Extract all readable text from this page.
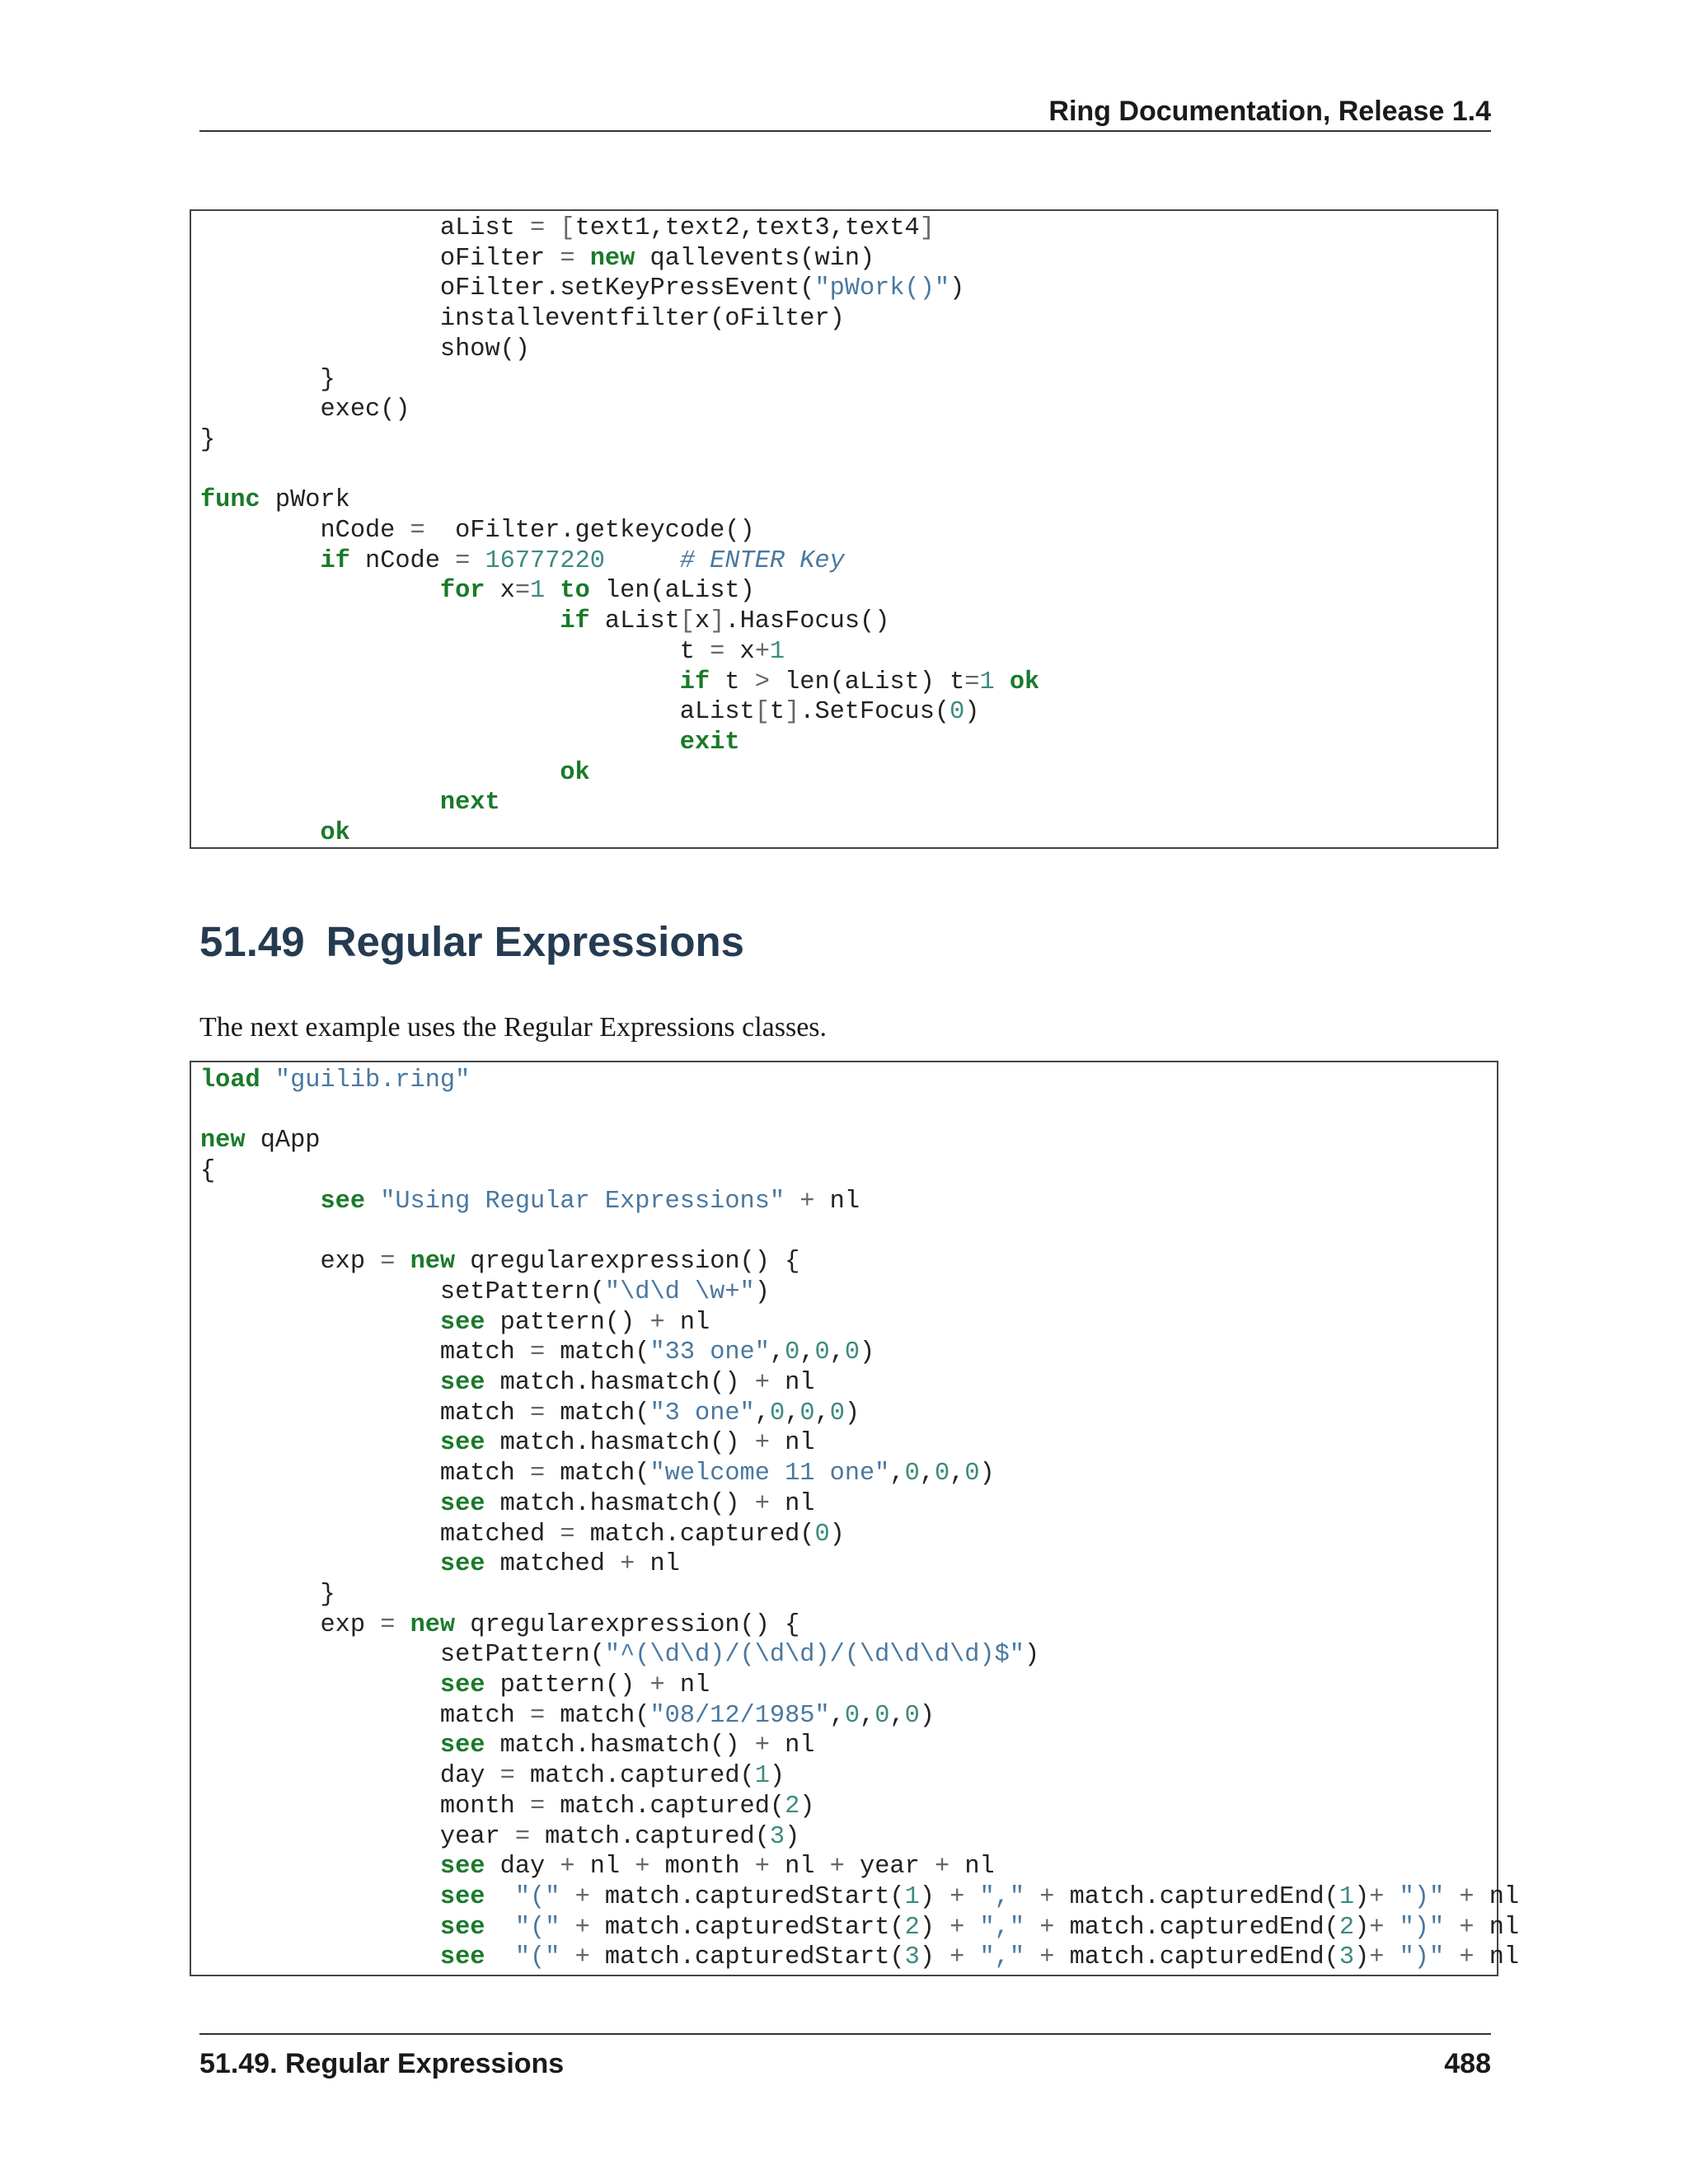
Ring Documentation, Release 1.4
		aList = [text1,text2,text3,text4]
		oFilter = new qallevents(win)
		oFilter.setKeyPressEvent("pWork()")
		installeventfilter(oFilter)
		show()
	}
	exec()
}

func pWork
	nCode =  oFilter.getkeycode()
	if nCode = 16777220		# ENTER Key
		for x=1 to len(aList)
			if aList[x].HasFocus()
				t = x+1
				if t > len(aList) t=1 ok
				aList[t].SetFocus(0)
				exit
			ok
		next
	ok
51.49 Regular Expressions

The next example uses the Regular Expressions classes.

load "guilib.ring"

new qApp
{
	see "Using Regular Expressions" + nl

	exp = new qregularexpression() {
		setPattern("\d\d \w+")
		see pattern() + nl
		match = match("33 one",0,0,0)
		see match.hasmatch() + nl
		match = match("3 one",0,0,0)
		see match.hasmatch() + nl
		match = match("welcome 11 one",0,0,0)
		see match.hasmatch() + nl
		matched = match.captured(0)
		see matched + nl
	}
	exp = new qregularexpression() {
		setPattern("^(\d\d)/(\d\d)/(\d\d\d\d)$")
		see pattern() + nl
		match = match("08/12/1985",0,0,0)
		see match.hasmatch() + nl
		day = match.captured(1)
		month = match.captured(2)
		year = match.captured(3)
		see day + nl + month + nl + year + nl
		see "(" + match.capturedStart(1) + "," + match.capturedEnd(1)+ ")" + nl
		see "(" + match.capturedStart(2) + "," + match.capturedEnd(2)+ ")" + nl
		see "(" + match.capturedStart(3) + "," + match.capturedEnd(3)+ ")" + nl
51.49. Regular Expressions	488
